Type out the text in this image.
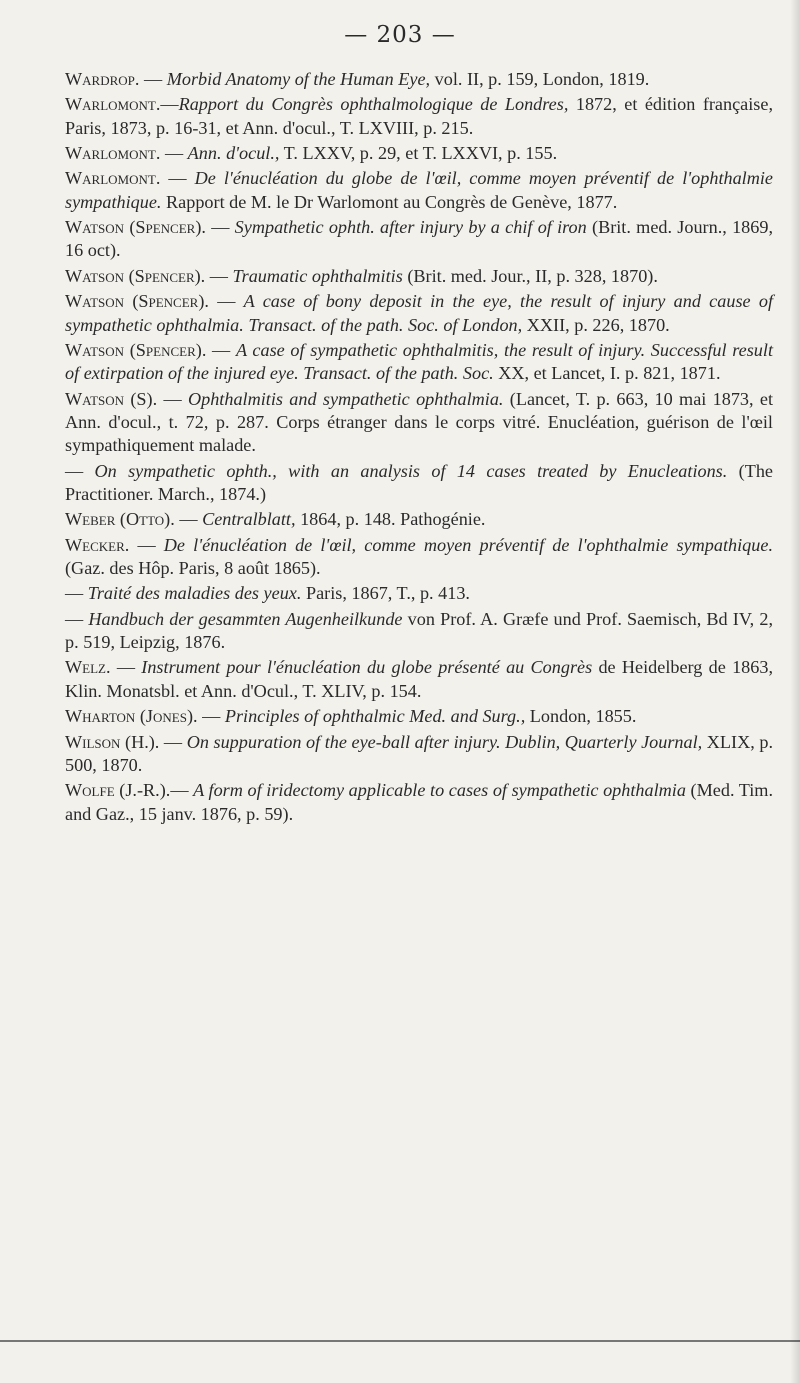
— 203 —

Wardrop. — Morbid Anatomy of the Human Eye, vol. II, p. 159, London, 1819.

Warlomont.—Rapport du Congrès ophthalmologique de Londres, 1872, et édition française, Paris, 1873, p. 16-31, et Ann. d'ocul., T. LXVIII, p. 215.

Warlomont. — Ann. d'ocul., T. LXXV, p. 29, et T. LXXVI, p. 155.

Warlomont. — De l'énucléation du globe de l'œil, comme moyen préventif de l'ophthalmie sympathique. Rapport de M. le Dr Warlomont au Congrès de Genève, 1877.

Watson (Spencer). — Sympathetic ophth. after injury by a chif of iron (Brit. med. Journ., 1869, 16 oct).

Watson (Spencer). — Traumatic ophthalmitis (Brit. med. Jour., II, p. 328, 1870).

Watson (Spencer). — A case of bony deposit in the eye, the result of injury and cause of sympathetic ophthalmia. Transact. of the path. Soc. of London, XXII, p. 226, 1870.

Watson (Spencer). — A case of sympathetic ophthalmitis, the result of injury. Successful result of extirpation of the injured eye. Transact. of the path. Soc. XX, et Lancet, I. p. 821, 1871.

Watson (S). — Ophthalmitis and sympathetic ophthalmia. (Lancet, T. p. 663, 10 mai 1873, et Ann. d'ocul., t. 72, p. 287. Corps étranger dans le corps vitré. Enucléation, guérison de l'œil sympathiquement malade.

— On sympathetic ophth., with an analysis of 14 cases treated by Enucleations. (The Practitioner. March., 1874.)

Weber (Otto). — Centralblatt, 1864, p. 148. Pathogénie.

Wecker. — De l'énucléation de l'œil, comme moyen préventif de l'ophthalmie sympathique. (Gaz. des Hôp. Paris, 8 août 1865).

— Traité des maladies des yeux. Paris, 1867, T., p. 413.

— Handbuch der gesammten Augenheilkunde von Prof. A. Græfe und Prof. Saemisch, Bd IV, 2, p. 519, Leipzig, 1876.

Welz. — Instrument pour l'énucléation du globe présenté au Congrès de Heidelberg de 1863, Klin. Monatsbl. et Ann. d'Ocul., T. XLIV, p. 154.

Wharton (Jones). — Principles of ophthalmic Med. and Surg., London, 1855.

Wilson (H.). — On suppuration of the eye-ball after injury. Dublin, Quarterly Journal, XLIX, p. 500, 1870.

Wolfe (J.-R.).— A form of iridectomy applicable to cases of sympathetic ophthalmia (Med. Tim. and Gaz., 15 janv. 1876, p. 59).
